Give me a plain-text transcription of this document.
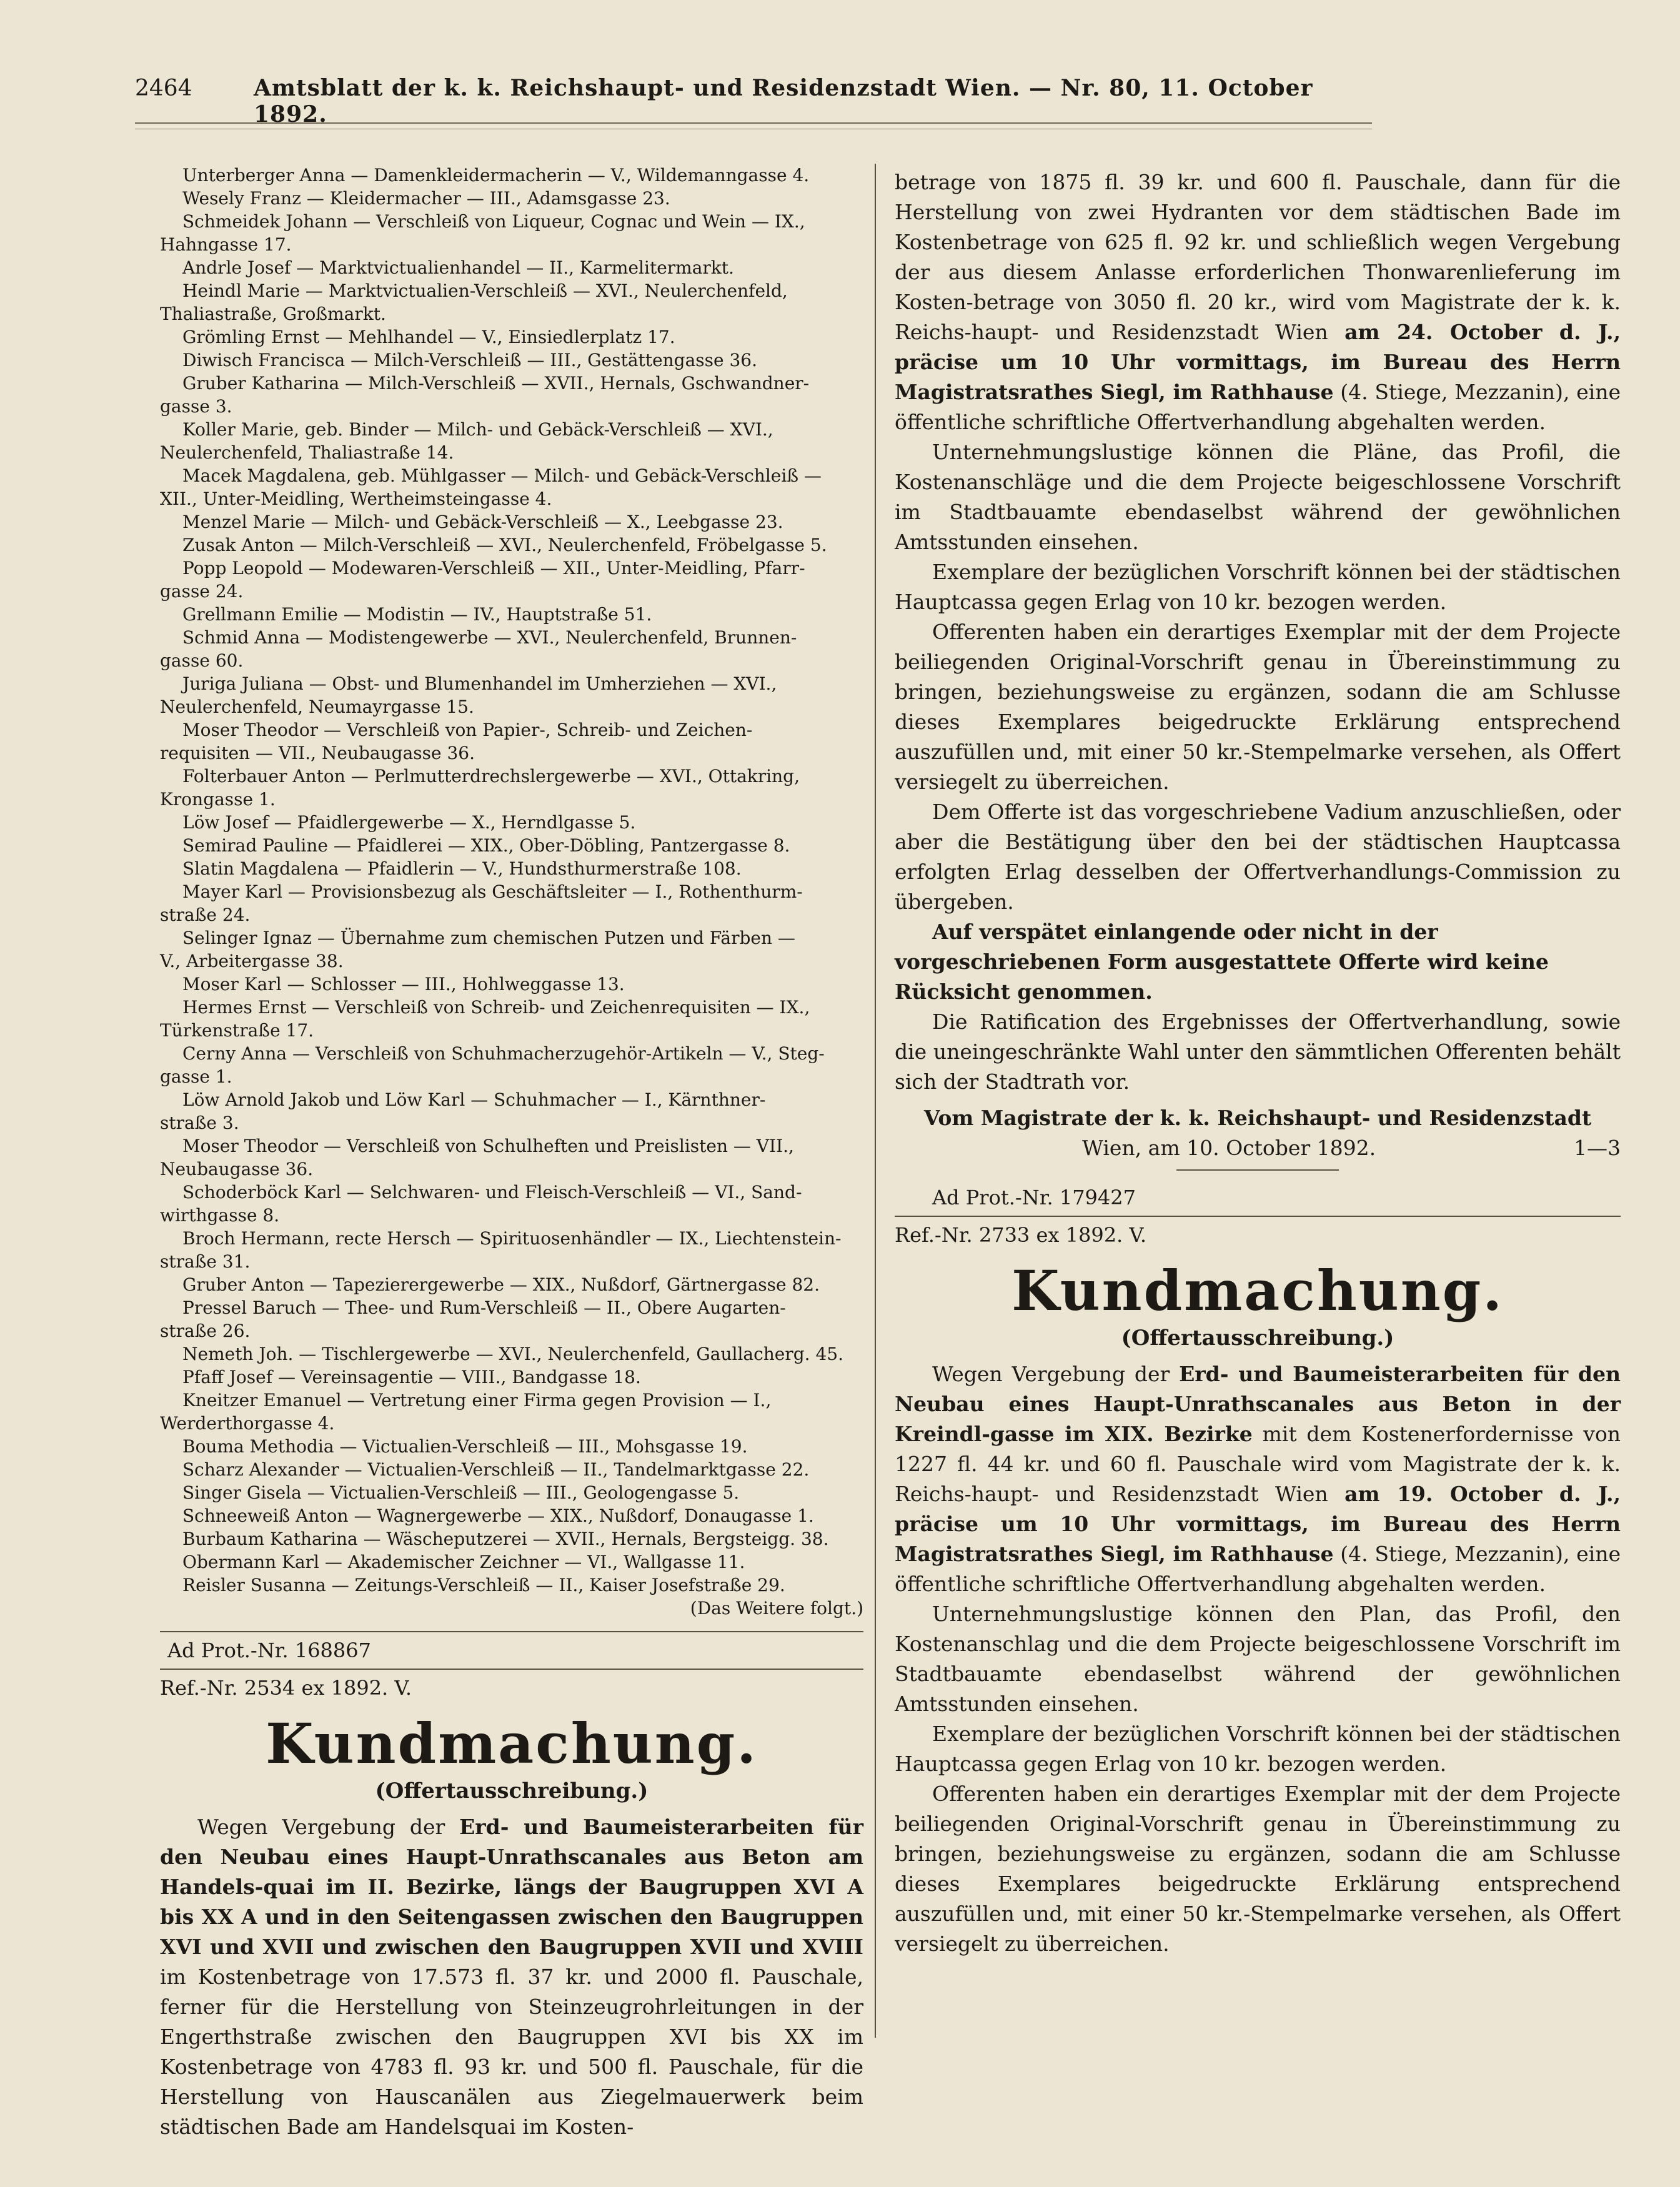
2464	Amtsblatt der k. k. Reichshaupt- und Residenzstadt Wien. — Nr. 80, 11. October 1892.

Unterberger Anna — Damenkleidermacherin — V., Wildemanngasse 4.

Wesely Franz — Kleidermacher — III., Adamsgasse 23.

Schmeidek Johann — Verschleiß von Liqueur, Cognac und Wein — IX.,

Hahngasse 17.

Andrle Josef — Marktvictualienhandel — II., Karmelitermarkt.

Heindl Marie — Marktvictualien-Verschleiß — XVI., Neulerchenfeld,

Thaliastraße, Großmarkt.

Grömling Ernst — Mehlhandel — V., Einsiedlerplatz 17.

Diwisch Francisca — Milch-Verschleiß — III., Gestättengasse 36.

Gruber Katharina — Milch-Verschleiß — XVII., Hernals, Gschwandner-

gasse 3.

Koller Marie, geb. Binder — Milch- und Gebäck-Verschleiß — XVI.,

Neulerchenfeld, Thaliastraße 14.

Macek Magdalena, geb. Mühlgasser — Milch- und Gebäck-Verschleiß —

XII., Unter-Meidling, Wertheimsteingasse 4.

Menzel Marie — Milch- und Gebäck-Verschleiß — X., Leebgasse 23.

Zusak Anton — Milch-Verschleiß — XVI., Neulerchenfeld, Fröbelgasse 5.

Popp Leopold — Modewaren-Verschleiß — XII., Unter-Meidling, Pfarr-

gasse 24.

Grellmann Emilie — Modistin — IV., Hauptstraße 51.

Schmid Anna — Modistengewerbe — XVI., Neulerchenfeld, Brunnen-

gasse 60.

Juriga Juliana — Obst- und Blumenhandel im Umherziehen — XVI.,

Neulerchenfeld, Neumayrgasse 15.

Moser Theodor — Verschleiß von Papier-, Schreib- und Zeichen-

requisiten — VII., Neubaugasse 36.

Folterbauer Anton — Perlmutterdrechslergewerbe — XVI., Ottakring,

Krongasse 1.

Löw Josef — Pfaidlergewerbe — X., Herndlgasse 5.

Semirad Pauline — Pfaidlerei — XIX., Ober-Döbling, Pantzergasse 8.

Slatin Magdalena — Pfaidlerin — V., Hundsthurmerstraße 108.

Mayer Karl — Provisionsbezug als Geschäftsleiter — I., Rothenthurm-

straße 24.

Selinger Ignaz — Übernahme zum chemischen Putzen und Färben —

V., Arbeitergasse 38.

Moser Karl — Schlosser — III., Hohlweggasse 13.

Hermes Ernst — Verschleiß von Schreib- und Zeichenrequisiten — IX.,

Türkenstraße 17.

Cerny Anna — Verschleiß von Schuhmacherzugehör-Artikeln — V., Steg-

gasse 1.

Löw Arnold Jakob und Löw Karl — Schuhmacher — I., Kärnthner-

straße 3.

Moser Theodor — Verschleiß von Schulheften und Preislisten — VII.,

Neubaugasse 36.

Schoderböck Karl — Selchwaren- und Fleisch-Verschleiß — VI., Sand-

wirthgasse 8.

Broch Hermann, recte Hersch — Spirituosenhändler — IX., Liechtenstein-

straße 31.

Gruber Anton — Tapezierergewerbe — XIX., Nußdorf, Gärtnergasse 82.

Pressel Baruch — Thee- und Rum-Verschleiß — II., Obere Augarten-

straße 26.

Nemeth Joh. — Tischlergewerbe — XVI., Neulerchenfeld, Gaullacherg. 45.

Pfaff Josef — Vereinsagentie — VIII., Bandgasse 18.

Kneitzer Emanuel — Vertretung einer Firma gegen Provision — I.,

Werderthorgasse 4.

Bouma Methodia — Victualien-Verschleiß — III., Mohsgasse 19.

Scharz Alexander — Victualien-Verschleiß — II., Tandelmarktgasse 22.

Singer Gisela — Victualien-Verschleiß — III., Geologengasse 5.

Schneeweiß Anton — Wagnergewerbe — XIX., Nußdorf, Donaugasse 1.

Burbaum Katharina — Wäscheputzerei — XVII., Hernals, Bergsteigg. 38.

Obermann Karl — Akademischer Zeichner — VI., Wallgasse 11.

Reisler Susanna — Zeitungs-Verschleiß — II., Kaiser Josefstraße 29.

(Das Weitere folgt.)

Ad Prot.-Nr. 168867

Ref.-Nr. 2534 ex 1892. V.

Kundmachung.
(Offertausschreibung.)

Wegen Vergebung der Erd- und Baumeisterarbeiten für den Neubau eines Haupt-Unrathscanales aus Beton am Handels-quai im II. Bezirke, längs der Baugruppen XVI A bis XX A und in den Seitengassen zwischen den Baugruppen XVI und XVII und zwischen den Baugruppen XVII und XVIII im Kostenbetrage von 17.573 fl. 37 kr. und 2000 fl. Pauschale, ferner für die Herstellung von Steinzeugrohrleitungen in der Engerthstraße zwischen den Baugruppen XVI bis XX im Kostenbetrage von 4783 fl. 93 kr. und 500 fl. Pauschale, für die Herstellung von Hauscanälen aus Ziegelmauerwerk beim städtischen Bade am Handelsquai im Kosten-

betrage von 1875 fl. 39 kr. und 600 fl. Pauschale, dann für die Herstellung von zwei Hydranten vor dem städtischen Bade im Kostenbetrage von 625 fl. 92 kr. und schließlich wegen Vergebung der aus diesem Anlasse erforderlichen Thonwarenlieferung im Kosten-betrage von 3050 fl. 20 kr., wird vom Magistrate der k. k. Reichs-haupt- und Residenzstadt Wien am 24. October d. J., präcise um 10 Uhr vormittags, im Bureau des Herrn Magistratsrathes Siegl, im Rathhause (4. Stiege, Mezzanin), eine öffentliche schriftliche Offertverhandlung abgehalten werden.

Unternehmungslustige können die Pläne, das Profil, die Kostenanschläge und die dem Projecte beigeschlossene Vorschrift im Stadtbauamte ebendaselbst während der gewöhnlichen Amtsstunden einsehen.

Exemplare der bezüglichen Vorschrift können bei der städtischen Hauptcassa gegen Erlag von 10 kr. bezogen werden.

Offerenten haben ein derartiges Exemplar mit der dem Projecte beiliegenden Original-Vorschrift genau in Übereinstimmung zu bringen, beziehungsweise zu ergänzen, sodann die am Schlusse dieses Exemplares beigedruckte Erklärung entsprechend auszufüllen und, mit einer 50 kr.-Stempelmarke versehen, als Offert versiegelt zu überreichen.

Dem Offerte ist das vorgeschriebene Vadium anzuschließen, oder aber die Bestätigung über den bei der städtischen Hauptcassa erfolgten Erlag desselben der Offertverhandlungs-Commission zu übergeben.

Auf verspätet einlangende oder nicht in der vorgeschriebenen Form ausgestattete Offerte wird keine Rücksicht genommen.

Die Ratification des Ergebnisses der Offertverhandlung, sowie die uneingeschränkte Wahl unter den sämmtlichen Offerenten behält sich der Stadtrath vor.

Vom Magistrate der k. k. Reichshaupt- und Residenzstadt

Wien, am 10. October 1892.	1—3

Ad Prot.-Nr. 179427

Ref.-Nr. 2733 ex 1892. V.

Kundmachung.
(Offertausschreibung.)

Wegen Vergebung der Erd- und Baumeisterarbeiten für den Neubau eines Haupt-Unrathscanales aus Beton in der Kreindl-gasse im XIX. Bezirke mit dem Kostenerfordernisse von 1227 fl. 44 kr. und 60 fl. Pauschale wird vom Magistrate der k. k. Reichs-haupt- und Residenzstadt Wien am 19. October d. J., präcise um 10 Uhr vormittags, im Bureau des Herrn Magistratsrathes Siegl, im Rathhause (4. Stiege, Mezzanin), eine öffentliche schriftliche Offertverhandlung abgehalten werden.

Unternehmungslustige können den Plan, das Profil, den Kostenanschlag und die dem Projecte beigeschlossene Vorschrift im Stadtbauamte ebendaselbst während der gewöhnlichen Amtsstunden einsehen.

Exemplare der bezüglichen Vorschrift können bei der städtischen Hauptcassa gegen Erlag von 10 kr. bezogen werden.

Offerenten haben ein derartiges Exemplar mit der dem Projecte beiliegenden Original-Vorschrift genau in Übereinstimmung zu bringen, beziehungsweise zu ergänzen, sodann die am Schlusse dieses Exemplares beigedruckte Erklärung entsprechend auszufüllen und, mit einer 50 kr.-Stempelmarke versehen, als Offert versiegelt zu überreichen.
